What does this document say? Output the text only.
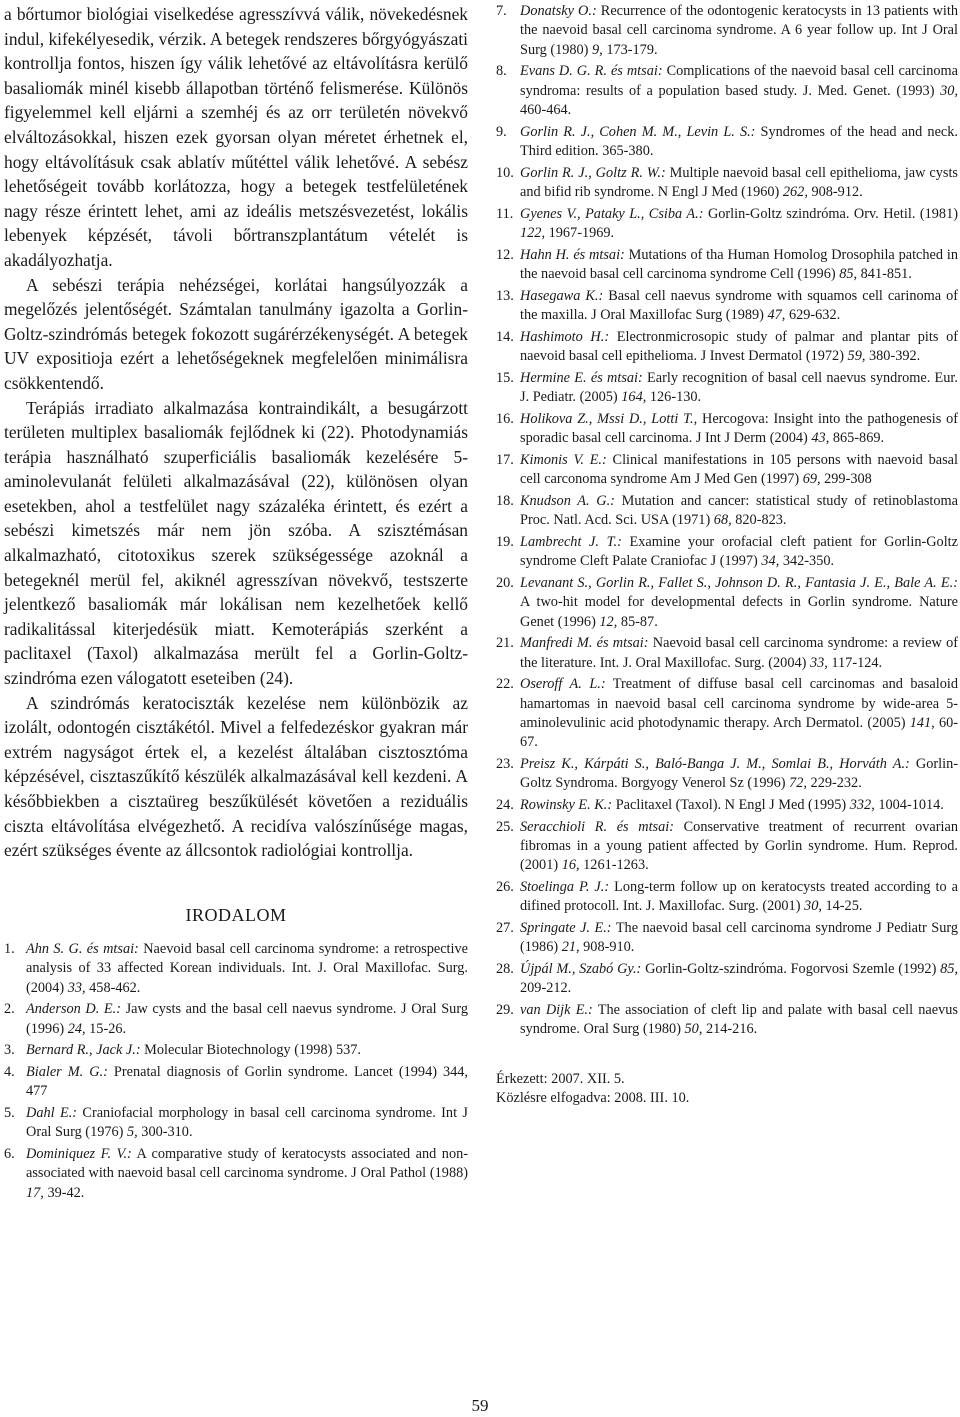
a bőrtumor biológiai viselkedése agresszívvá válik, növekedésnek indul, kifekélyesedik, vérzik. A betegek rendszeres bőrgyógyászati kontrollja fontos, hiszen így válik lehetővé az eltávolításra kerülő basaliomák minél kisebb állapotban történő felismerése. Különös figyelemmel kell eljárni a szemhéj és az orr területén növekvő elváltozásokkal, hiszen ezek gyorsan olyan méretet érhetnek el, hogy eltávolításuk csak ablatív műtéttel válik lehetővé. A sebész lehetőségeit tovább korlátozza, hogy a betegek testfelületének nagy része érintett lehet, ami az ideális metszésvezetést, lokális lebenyek képzését, távoli bőrtranszplantátum vételét is akadályozhatja.

A sebészi terápia nehézségei, korlátai hangsúlyozzák a megelőzés jelentőségét. Számtalan tanulmány igazolta a Gorlin-Goltz-szindrómás betegek fokozott sugárérzékenységét. A betegek UV expositioja ezért a lehetőségeknek megfelelően minimálisra csökkentendő.

Terápiás irradiato alkalmazása kontraindikált, a besugárzott területen multiplex basaliomák fejlődnek ki (22). Photodynamiás terápia használható szuperficiális basaliomák kezelésére 5-aminolevulanát felületi alkalmazásával (22), különösen olyan esetekben, ahol a testfelület nagy százaléka érintett, és ezért a sebészi kimetszés már nem jön szóba. A szisztémásan alkalmazható, citotoxikus szerek szükségessége azoknál a betegeknél merül fel, akiknél agresszívan növekvő, testszerte jelentkező basaliomák már lokálisan nem kezelhetőek kellő radikalitással kiterjedésük miatt. Kemoterápiás szerként a paclitaxel (Taxol) alkalmazása merült fel a Gorlin-Goltz-szindróma ezen válogatott eseteiben (24).

A szindrómás keratociszták kezelése nem különbözik az izolált, odontogén cisztákétól. Mivel a felfedezéskor gyakran már extrém nagyságot értek el, a kezelést általában cisztosztóma képzésével, cisztaszűkítő készülék alkalmazásával kell kezdeni. A későbbiekben a cisztaüreg beszűkülését követően a reziduális ciszta eltávolítása elvégezhető. A recidíva valószínűsége magas, ezért szükséges évente az állcsontok radiológiai kontrollja.

IRODALOM
1. Ahn S. G. és mtsai: Naevoid basal cell carcinoma syndrome: a retrospective analysis of 33 affected Korean individuals. Int. J. Oral Maxillofac. Surg. (2004) 33, 458-462.
2. Anderson D. E.: Jaw cysts and the basal cell naevus syndrome. J Oral Surg (1996) 24, 15-26.
3. Bernard R., Jack J.: Molecular Biotechnology (1998) 537.
4. Bialer M. G.: Prenatal diagnosis of Gorlin syndrome. Lancet (1994) 344, 477
5. Dahl E.: Craniofacial morphology in basal cell carcinoma syndrome. Int J Oral Surg (1976) 5, 300-310.
6. Dominiquez F. V.: A comparative study of keratocysts associated and non-associated with naevoid basal cell carcinoma syndrome. J Oral Pathol (1988) 17, 39-42.
7. Donatsky O.: Recurrence of the odontogenic keratocysts in 13 patients with the naevoid basal cell carcinoma syndrome. A 6 year follow up. Int J Oral Surg (1980) 9, 173-179.
8. Evans D. G. R. és mtsai: Complications of the naevoid basal cell carcinoma syndroma: results of a population based study. J. Med. Genet. (1993) 30, 460-464.
9. Gorlin R. J., Cohen M. M., Levin L. S.: Syndromes of the head and neck. Third edition. 365-380.
10. Gorlin R. J., Goltz R. W.: Multiple naevoid basal cell epithelioma, jaw cysts and bifid rib syndrome. N Engl J Med (1960) 262, 908-912.
11. Gyenes V., Pataky L., Csiba A.: Gorlin-Goltz szindróma. Orv. Hetil. (1981) 122, 1967-1969.
12. Hahn H. és mtsai: Mutations of tha Human Homolog Drosophila patched in the naevoid basal cell carcinoma syndrome Cell (1996) 85, 841-851.
13. Hasegawa K.: Basal cell naevus syndrome with squamos cell carinoma of the maxilla. J Oral Maxillofac Surg (1989) 47, 629-632.
14. Hashimoto H.: Electronmicrosopic study of palmar and plantar pits of naevoid basal cell epithelioma. J Invest Dermatol (1972) 59, 380-392.
15. Hermine E. és mtsai: Early recognition of basal cell naevus syndrome. Eur. J. Pediatr. (2005) 164, 126-130.
16. Holikova Z., Mssi D., Lotti T., Hercogova: Insight into the pathogenesis of sporadic basal cell carcinoma. J Int J Derm (2004) 43, 865-869.
17. Kimonis V. E.: Clinical manifestations in 105 persons with naevoid basal cell carconoma syndrome Am J Med Gen (1997) 69, 299-308
18. Knudson A. G.: Mutation and cancer: statistical study of retinoblastoma Proc. Natl. Acd. Sci. USA (1971) 68, 820-823.
19. Lambrecht J. T.: Examine your orofacial cleft patient for Gorlin-Goltz syndrome Cleft Palate Craniofac J (1997) 34, 342-350.
20. Levanant S., Gorlin R., Fallet S., Johnson D. R., Fantasia J. E., Bale A. E.: A two-hit model for developmental defects in Gorlin syndrome. Nature Genet (1996) 12, 85-87.
21. Manfredi M. és mtsai: Naevoid basal cell carcinoma syndrome: a review of the literature. Int. J. Oral Maxillofac. Surg. (2004) 33, 117-124.
22. Oseroff A. L.: Treatment of diffuse basal cell carcinomas and basaloid hamartomas in naevoid basal cell carcinoma syndrome by wide-area 5-aminolevulinic acid photodynamic therapy. Arch Dermatol. (2005) 141, 60-67.
23. Preisz K., Kárpáti S., Baló-Banga J. M., Somlai B., Horváth A.: Gorlin-Goltz Syndroma. Borgyogy Venerol Sz (1996) 72, 229-232.
24. Rowinsky E. K.: Paclitaxel (Taxol). N Engl J Med (1995) 332, 1004-1014.
25. Seracchioli R. és mtsai: Conservative treatment of recurrent ovarian fibromas in a young patient affected by Gorlin syndrome. Hum. Reprod. (2001) 16, 1261-1263.
26. Stoelinga P. J.: Long-term follow up on keratocysts treated according to a difined protocoll. Int. J. Maxillofac. Surg. (2001) 30, 14-25.
27. Springate J. E.: The naevoid basal cell carcinoma syndrome J Pediatr Surg (1986) 21, 908-910.
28. Újpál M., Szabó Gy.: Gorlin-Goltz-szindróma. Fogorvosi Szemle (1992) 85, 209-212.
29. van Dijk E.: The association of cleft lip and palate with basal cell naevus syndrome. Oral Surg (1980) 50, 214-216.
Érkezett: 2007. XII. 5.
Közlésre elfogadva: 2008. III. 10.
59
